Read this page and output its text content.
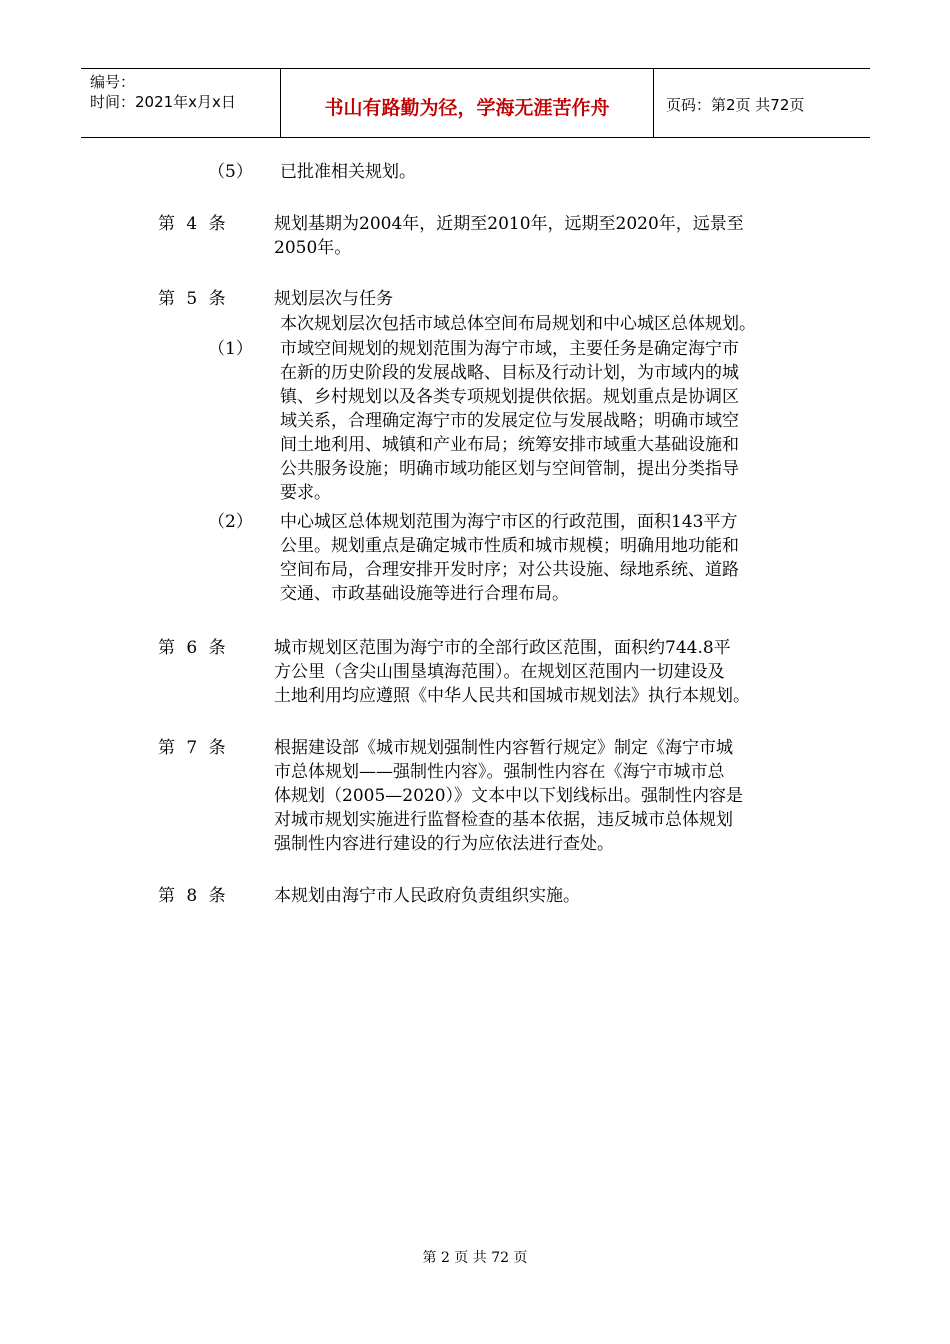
编号：
时间：2021年x月x日	书山有路勤为径，学海无涯苦作舟	页码：第2页 共72页
（5） 已批准相关规划。
第 4 条	规划基期为2004年，近期至2010年，远期至2020年，远景至
2050年。
第 5 条	规划层次与任务
本次规划层次包括市域总体空间布局规划和中心城区总体规划。
（1） 市域空间规划的规划范围为海宁市域，主要任务是确定海宁市
在新的历史阶段的发展战略、目标及行动计划，为市域内的城
镇、乡村规划以及各类专项规划提供依据。规划重点是协调区
域关系，合理确定海宁市的发展定位与发展战略；明确市域空
间土地利用、城镇和产业布局；统筹安排市域重大基础设施和
公共服务设施；明确市域功能区划与空间管制，提出分类指导
要求。
（2） 中心城区总体规划范围为海宁市区的行政范围，面积143平方
公里。规划重点是确定城市性质和城市规模；明确用地功能和
空间布局，合理安排开发时序；对公共设施、绿地系统、道路
交通、市政基础设施等进行合理布局。
第 6 条	城市规划区范围为海宁市的全部行政区范围，面积约744.8平
方公里（含尖山围垦填海范围）。在规划区范围内一切建设及
土地利用均应遵照《中华人民共和国城市规划法》执行本规划。
第 7 条	根据建设部《城市规划强制性内容暂行规定》制定《海宁市城
市总体规划——强制性内容》。强制性内容在《海宁市城市总
体规划（2005—2020）》文本中以下划线标出。强制性内容是
对城市规划实施进行监督检查的基本依据，违反城市总体规划
强制性内容进行建设的行为应依法进行查处。
第 8 条	本规划由海宁市人民政府负责组织实施。
第 2 页 共 72 页
